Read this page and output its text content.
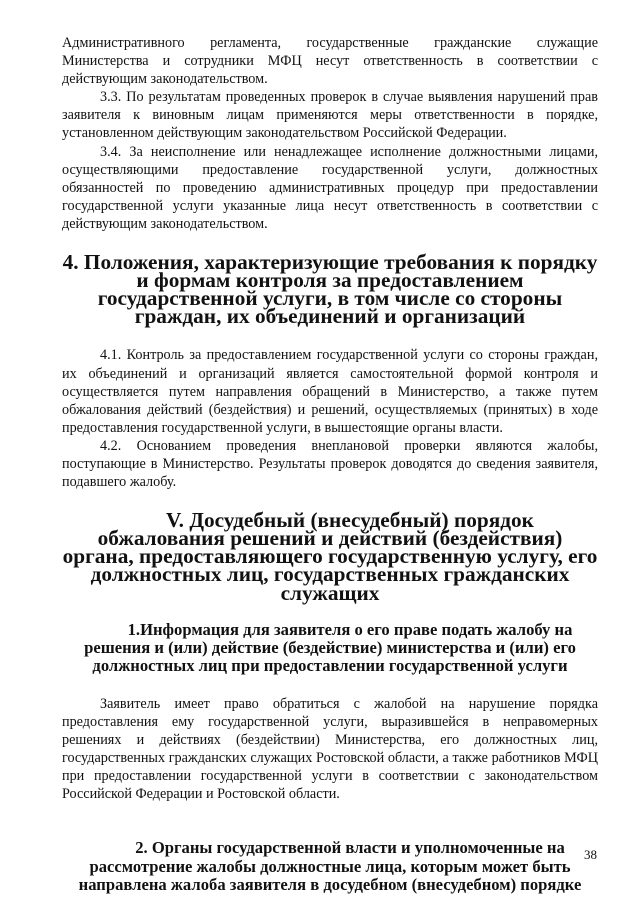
Административного регламента, государственные гражданские служащие Министерства и сотрудники МФЦ несут ответственность в соответствии с действующим законодательством.

3.3. По результатам проведенных проверок в случае выявления нарушений прав заявителя к виновным лицам применяются меры ответственности в порядке, установленном действующим законодательством Российской Федерации.

3.4. За неисполнение или ненадлежащее исполнение должностными лицами, осуществляющими предоставление государственной услуги, должностных обязанностей по проведению административных процедур при предоставлении государственной услуги указанные лица несут ответственность в соответствии с действующим законодательством.

4. Положения, характеризующие требования к порядку и формам контроля за предоставлением государственной услуги, в том числе со стороны граждан, их объединений и организаций

4.1. Контроль за предоставлением государственной услуги со стороны граждан, их объединений и организаций является самостоятельной формой контроля и осуществляется путем направления обращений в Министерство, а также путем обжалования действий (бездействия) и решений, осуществляемых (принятых) в ходе предоставления государственной услуги, в вышестоящие органы власти.

4.2. Основанием проведения внеплановой проверки являются жалобы, поступающие в Министерство. Результаты проверок доводятся до сведения заявителя, подавшего жалобу.

V. Досудебный (внесудебный) порядок обжалования решений и действий (бездействия) органа, предоставляющего государственную услугу, его должностных лиц, государственных гражданских служащих
1.Информация для заявителя о его праве подать жалобу на решения и (или) действие (бездействие) министерства и (или) его должностных лиц при предоставлении государственной услуги

Заявитель имеет право обратиться с жалобой на нарушение порядка предоставления ему государственной услуги, выразившейся в неправомерных решениях и действиях (бездействии) Министерства, его должностных лиц, государственных гражданских служащих Ростовской области, а также работников МФЦ при предоставлении государственной услуги в соответствии с законодательством Российской Федерации и Ростовской области.

2. Органы государственной власти и уполномоченные на рассмотрение жалобы должностные лица, которым может быть направлена жалоба заявителя в досудебном (внесудебном) порядке
38
